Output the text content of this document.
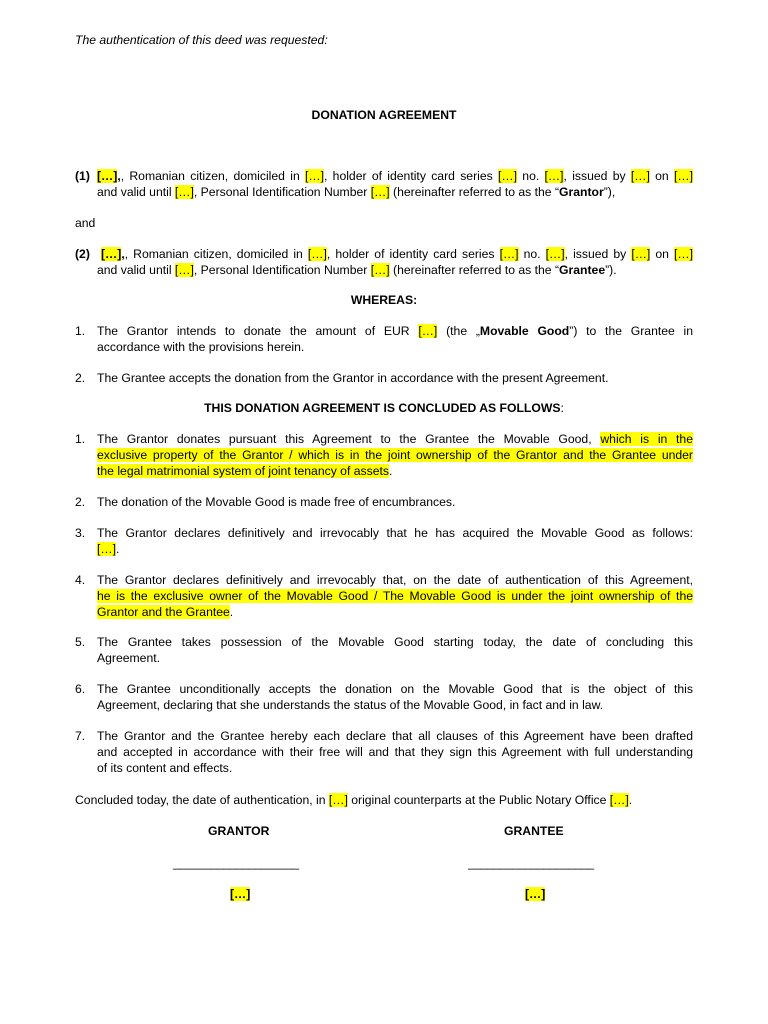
The authentication of this deed was requested:
DONATION AGREEMENT
(1) […],, Romanian citizen, domiciled in […], holder of identity card series […] no. […], issued by […] on […]
and valid until […], Personal Identification Number […] (hereinafter referred to as the “Grantor”),
and
(2) […],, Romanian citizen, domiciled in […], holder of identity card series […] no. […], issued by […] on […]
and valid until […], Personal Identification Number […] (hereinafter referred to as the “Grantee”).
WHEREAS:
1. The Grantor intends to donate the amount of EUR […] (the „Movable Good”) to the Grantee in
accordance with the provisions herein.
2. The Grantee accepts the donation from the Grantor in accordance with the present Agreement.
THIS DONATION AGREEMENT IS CONCLUDED AS FOLLOWS:
1. The Grantor donates pursuant this Agreement to the Grantee the Movable Good, which is in the
exclusive property of the Grantor / which is in the joint ownership of the Grantor and the Grantee under
the legal matrimonial system of joint tenancy of assets.
2. The donation of the Movable Good is made free of encumbrances.
3. The Grantor declares definitively and irrevocably that he has acquired the Movable Good as follows:
[…].
4. The Grantor declares definitively and irrevocably that, on the date of authentication of this Agreement,
he is the exclusive owner of the Movable Good / The Movable Good is under the joint ownership of the
Grantor and the Grantee.
5. The Grantee takes possession of the Movable Good starting today, the date of concluding this
Agreement.
6. The Grantee unconditionally accepts the donation on the Movable Good that is the object of this
Agreement, declaring that she understands the status of the Movable Good, in fact and in law.
7. The Grantor and the Grantee hereby each declare that all clauses of this Agreement have been drafted
and accepted in accordance with their free will and that they sign this Agreement with full understanding
of its content and effects.
Concluded today, the date of authentication, in […] original counterparts at the Public Notary Office […].
GRANTOR	GRANTEE
____________________	____________________
[…]	[…]
